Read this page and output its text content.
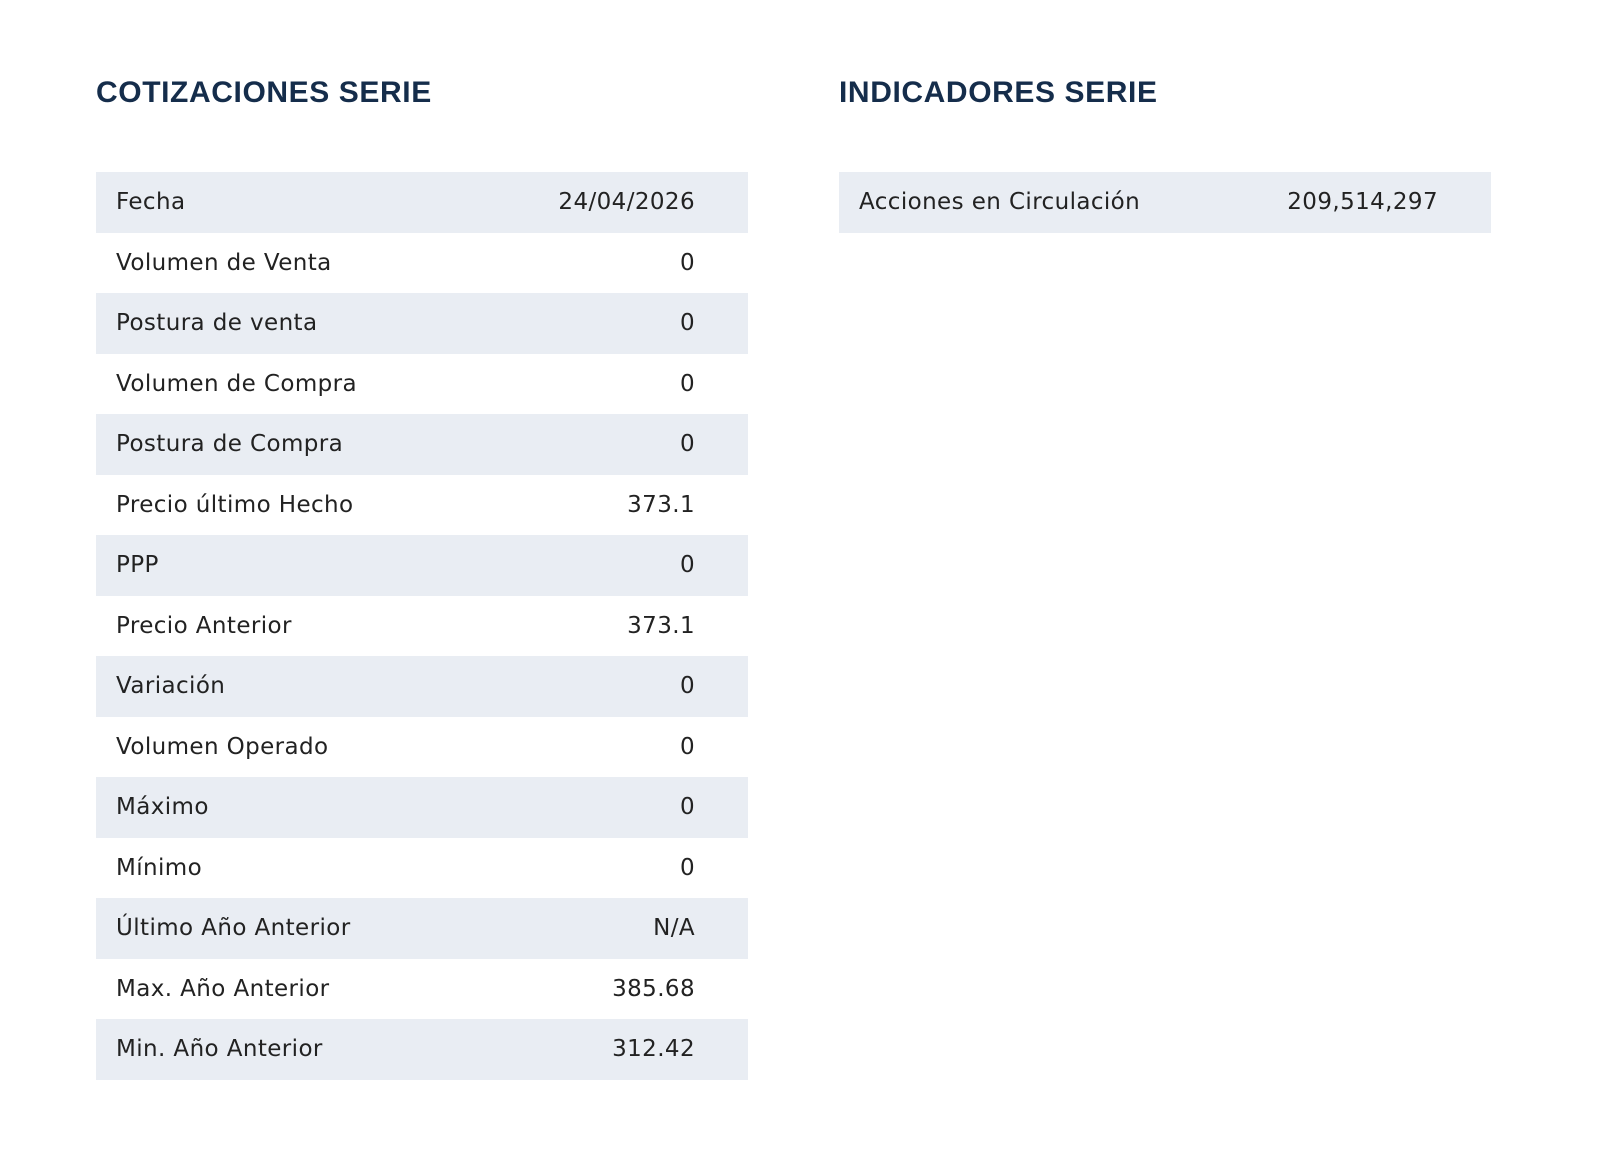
COTIZACIONES SERIE
Fecha	24/04/2026
Volumen de Venta	0
Postura de venta	0
Volumen de Compra	0
Postura de Compra	0
Precio último Hecho	373.1
PPP	0
Precio Anterior	373.1
Variación	0
Volumen Operado	0
Máximo	0
Mínimo	0
Último Año Anterior	N/A
Max. Año Anterior	385.68
Min. Año Anterior	312.42
INDICADORES SERIE
Acciones en Circulación	209,514,297
